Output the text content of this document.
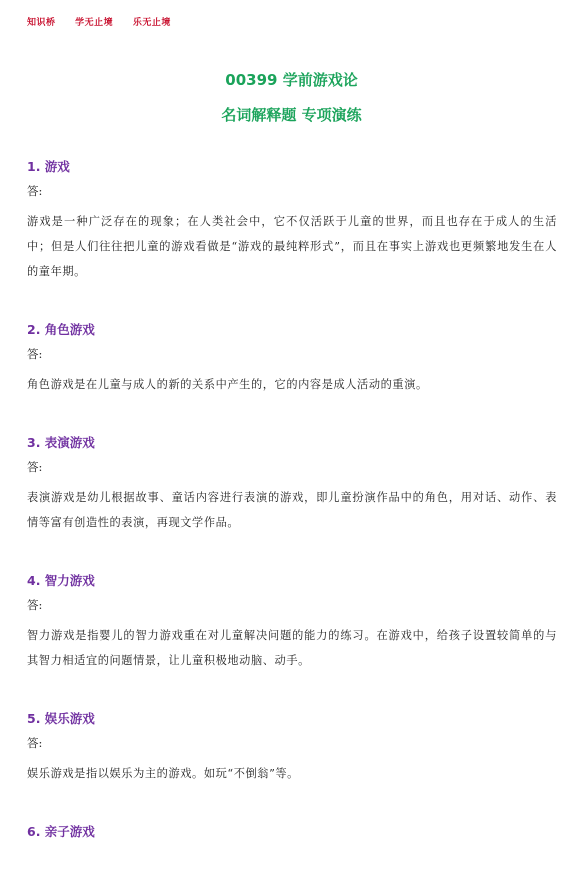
知识桥 学无止境 乐无止境
00399 学前游戏论
名词解释题 专项演练
1. 游戏
答:
游戏是一种广泛存在的现象；在人类社会中，它不仅活跃于儿童的世界，而且也存在于成人的生活中；但是人们往往把儿童的游戏看做是“游戏的最纯粹形式”，而且在事实上游戏也更频繁地发生在人的童年期。
2. 角色游戏
答:
角色游戏是在儿童与成人的新的关系中产生的，它的内容是成人活动的重演。
3. 表演游戏
答:
表演游戏是幼儿根据故事、童话内容进行表演的游戏，即儿童扮演作品中的角色，用对话、动作、表情等富有创造性的表演，再现文学作品。
4. 智力游戏
答:
智力游戏是指婴儿的智力游戏重在对儿童解决问题的能力的练习。在游戏中，给孩子设置较简单的与其智力相适宜的问题情景，让儿童积极地动脑、动手。
5. 娱乐游戏
答:
娱乐游戏是指以娱乐为主的游戏。如玩“不倒翁”等。
6. 亲子游戏
